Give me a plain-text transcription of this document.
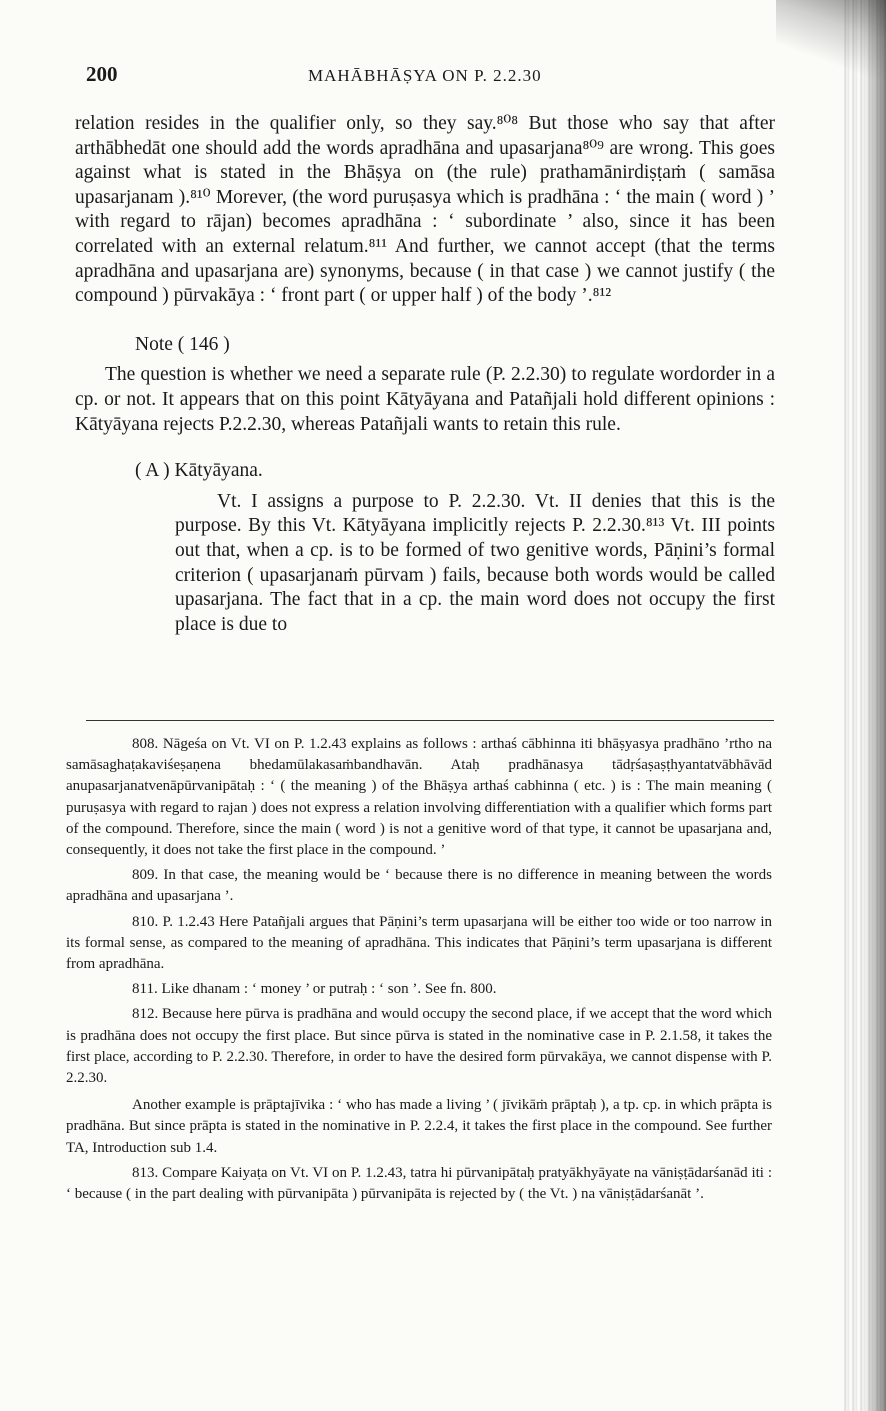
200	MAHĀBHĀṢYA ON P. 2.2.30

relation resides in the qualifier only, so they say.⁸⁰⁸ But those who say that after arthābhedāt one should add the words apradhāna and upasarjana⁸⁰⁹ are wrong. This goes against what is stated in the Bhāṣya on (the rule) prathamānirdiṣṭaṁ ( samāsa upasarjanam ).⁸¹⁰ Morever, (the word puruṣasya which is pradhāna : ‘ the main ( word ) ’ with regard to rājan) becomes apradhāna : ‘ subordinate ’ also, since it has been correlated with an external relatum.⁸¹¹ And further, we cannot accept (that the terms apradhāna and upasarjana are) synonyms, because ( in that case ) we cannot justify ( the compound ) pūrvakāya : ‘ front part ( or upper half ) of the body ’.⁸¹²

Note ( 146 )

The question is whether we need a separate rule (P. 2.2.30) to regulate wordorder in a cp. or not. It appears that on this point Kātyāyana and Patañjali hold different opinions : Kātyāyana rejects P.2.2.30, whereas Patañjali wants to retain this rule.

( A ) Kātyāyana.

Vt. I assigns a purpose to P. 2.2.30. Vt. II denies that this is the purpose. By this Vt. Kātyāyana implicitly rejects P. 2.2.30.⁸¹³ Vt. III points out that, when a cp. is to be formed of two genitive words, Pāṇini’s formal criterion ( upasarjanaṁ pūrvam ) fails, because both words would be called upasarjana. The fact that in a cp. the main word does not occupy the first place is due to

808. Nāgeśa on Vt. VI on P. 1.2.43 explains as follows : arthaś cābhinna iti bhāṣyasya pradhāno ’rtho na samāsaghaṭakaviśeṣaṇena bhedamūlakasaṁbandhavān. Ataḥ pradhānasya tādṛśaṣaṣṭhyantatvābhāvād anupasarjanatvenāpūrvanipātaḥ : ‘ ( the meaning ) of the Bhāṣya arthaś cabhinna ( etc. ) is : The main meaning ( puruṣasya with regard to rajan ) does not express a relation involving differentiation with a qualifier which forms part of the compound. Therefore, since the main ( word ) is not a genitive word of that type, it cannot be upasarjana and, consequently, it does not take the first place in the compound. ’

809. In that case, the meaning would be ‘ because there is no difference in meaning between the words apradhāna and upasarjana ’.

810. P. 1.2.43 Here Patañjali argues that Pāṇini’s term upasarjana will be either too wide or too narrow in its formal sense, as compared to the meaning of apradhāna. This indicates that Pāṇini’s term upasarjana is different from apradhāna.

811. Like dhanam : ‘ money ’ or putraḥ : ‘ son ’. See fn. 800.

812. Because here pūrva is pradhāna and would occupy the second place, if we accept that the word which is pradhāna does not occupy the first place. But since pūrva is stated in the nominative case in P. 2.1.58, it takes the first place, according to P. 2.2.30. Therefore, in order to have the desired form pūrvakāya, we cannot dispense with P. 2.2.30.

Another example is prāptajīvika : ‘ who has made a living ’ ( jīvikāṁ prāptaḥ ), a tp. cp. in which prāpta is pradhāna. But since prāpta is stated in the nominative in P. 2.2.4, it takes the first place in the compound. See further TA, Introduction sub 1.4.

813. Compare Kaiyaṭa on Vt. VI on P. 1.2.43, tatra hi pūrvanipātaḥ pratyākhyāyate na vāniṣṭādarśanād iti : ‘ because ( in the part dealing with pūrvanipāta ) pūrvanipāta is rejected by ( the Vt. ) na vāniṣṭādarśanāt ’.
